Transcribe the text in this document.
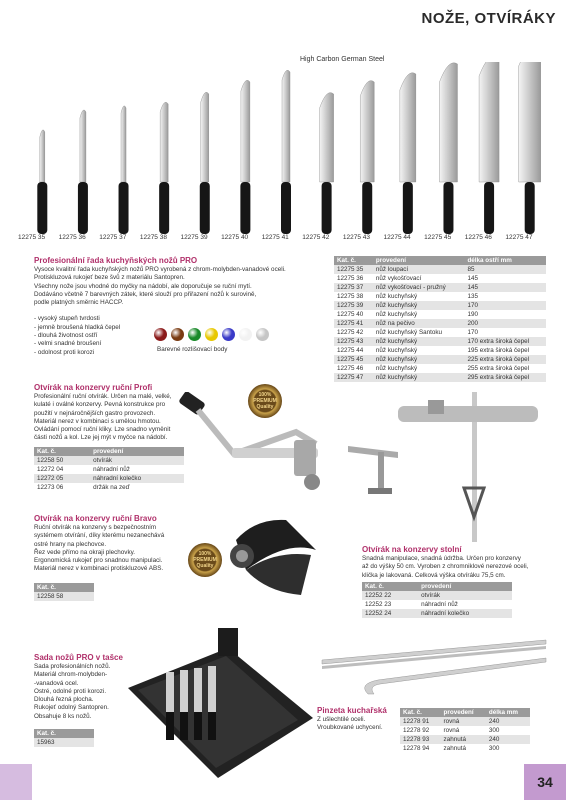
NOŽE, OTVÍRÁKY
High Carbon German Steel
Profesionální řada kuchyňských nožů PRO
Vysoce kvalitní řada kuchyňských nožů PRO vyrobená z chrom-molybden-vanadové oceli.
Protiskluzová rukojeť beze švů z materiálu Santopren.
Všechny nože jsou vhodné do myčky na nádobí, ale doporučuje se ruční mytí.
Dodáváno včetně 7 barevných zátek, které slouží pro přiřazení nožů k surovině,
podle platných směrnic HACCP.
- vysoký stupeň tvrdosti
- jemně broušená hladká čepel
- dlouhá životnost ostří
- velmi snadné broušení
- odolnost proti korozi	Barevné rozlišovací body
Kat. č.	provedení	délka ostří mm
12275 35	nůž loupací	85
12275 36	nůž vykošťovací	145
12275 37	nůž vykošťovací - pružný	145
12275 38	nůž kuchyňský	135
12275 39	nůž kuchyňský	170
12275 40	nůž kuchyňský	190
12275 41	nůž na pečivo	200
12275 42	nůž kuchyňský Santoku	170
12275 43	nůž kuchyňský	170 extra široká čepel
12275 44	nůž kuchyňský	195 extra široká čepel
12275 45	nůž kuchyňský	225 extra široká čepel
12275 46	nůž kuchyňský	255 extra široká čepel
12275 47	nůž kuchyňský	295 extra široká čepel
Otvírák na konzervy ruční Profi
Profesionální ruční otvírák. Určen na malé, velké,
kulaté i oválné konzervy. Pevná konstrukce pro
použití v nejnáročnějších gastro provozech.
Materiál nerez v kombinaci s umělou hmotou.
Ovládání pomocí ruční kliky. Lze snadno vyměnit
části nožů a kol. Lze jej mýt v myčce na nádobí.
Kat. č.	provedení
12258 50	otvírák
12272 04	náhradní nůž
12272 05	náhradní kolečko
12273 06	držák na zeď
100% PREMIUM Quality
Otvírák na konzervy ruční Bravo
Ruční otvírák na konzervy s bezpečnostním
systémem otvírání, díky kterému nezanechává
ostré hrany na plechovce.
Řez vede přímo na okraji plechovky.
Ergonomická rukojeť pro snadnou manipulaci.
Materiál nerez v kombinaci protiskluzové ABS.
Kat. č.
12258 58
100% PREMIUM Quality
Otvírák na konzervy stolní
Snadná manipulace, snadná údržba. Určen pro konzervy
až do výšky 50 cm. Vyroben z chromniklové nerezové oceli,
klička je lakovaná. Celková výška otvíráku 75,5 cm.
Kat. č.	provedení
12252 22	otvírák
12252 23	náhradní nůž
12252 24	náhradní kolečko
Sada nožů PRO v tašce
Sada profesionálních nožů.
Materiál chrom-molybden-
-vanadová ocel.
Ostré, odolné proti korozi.
Dlouhá řezná plocha.
Rukojeť odolný Santopren.
Obsahuje 8 ks nožů.
Kat. č.
15963
Pinzeta kuchařská
Z ušlechtilé oceli.
Vroubkované uchycení.
Kat. č.	provedení	délka mm
12278 91	rovná	240
12278 92	rovná	300
12278 93	zahnutá	240
12278 94	zahnutá	300
34
12275 35 12275 36 12275 37 12275 38 12275 39 12275 40 12275 41 12275 42 12275 43 12275 44 12275 45 12275 46 12275 47
